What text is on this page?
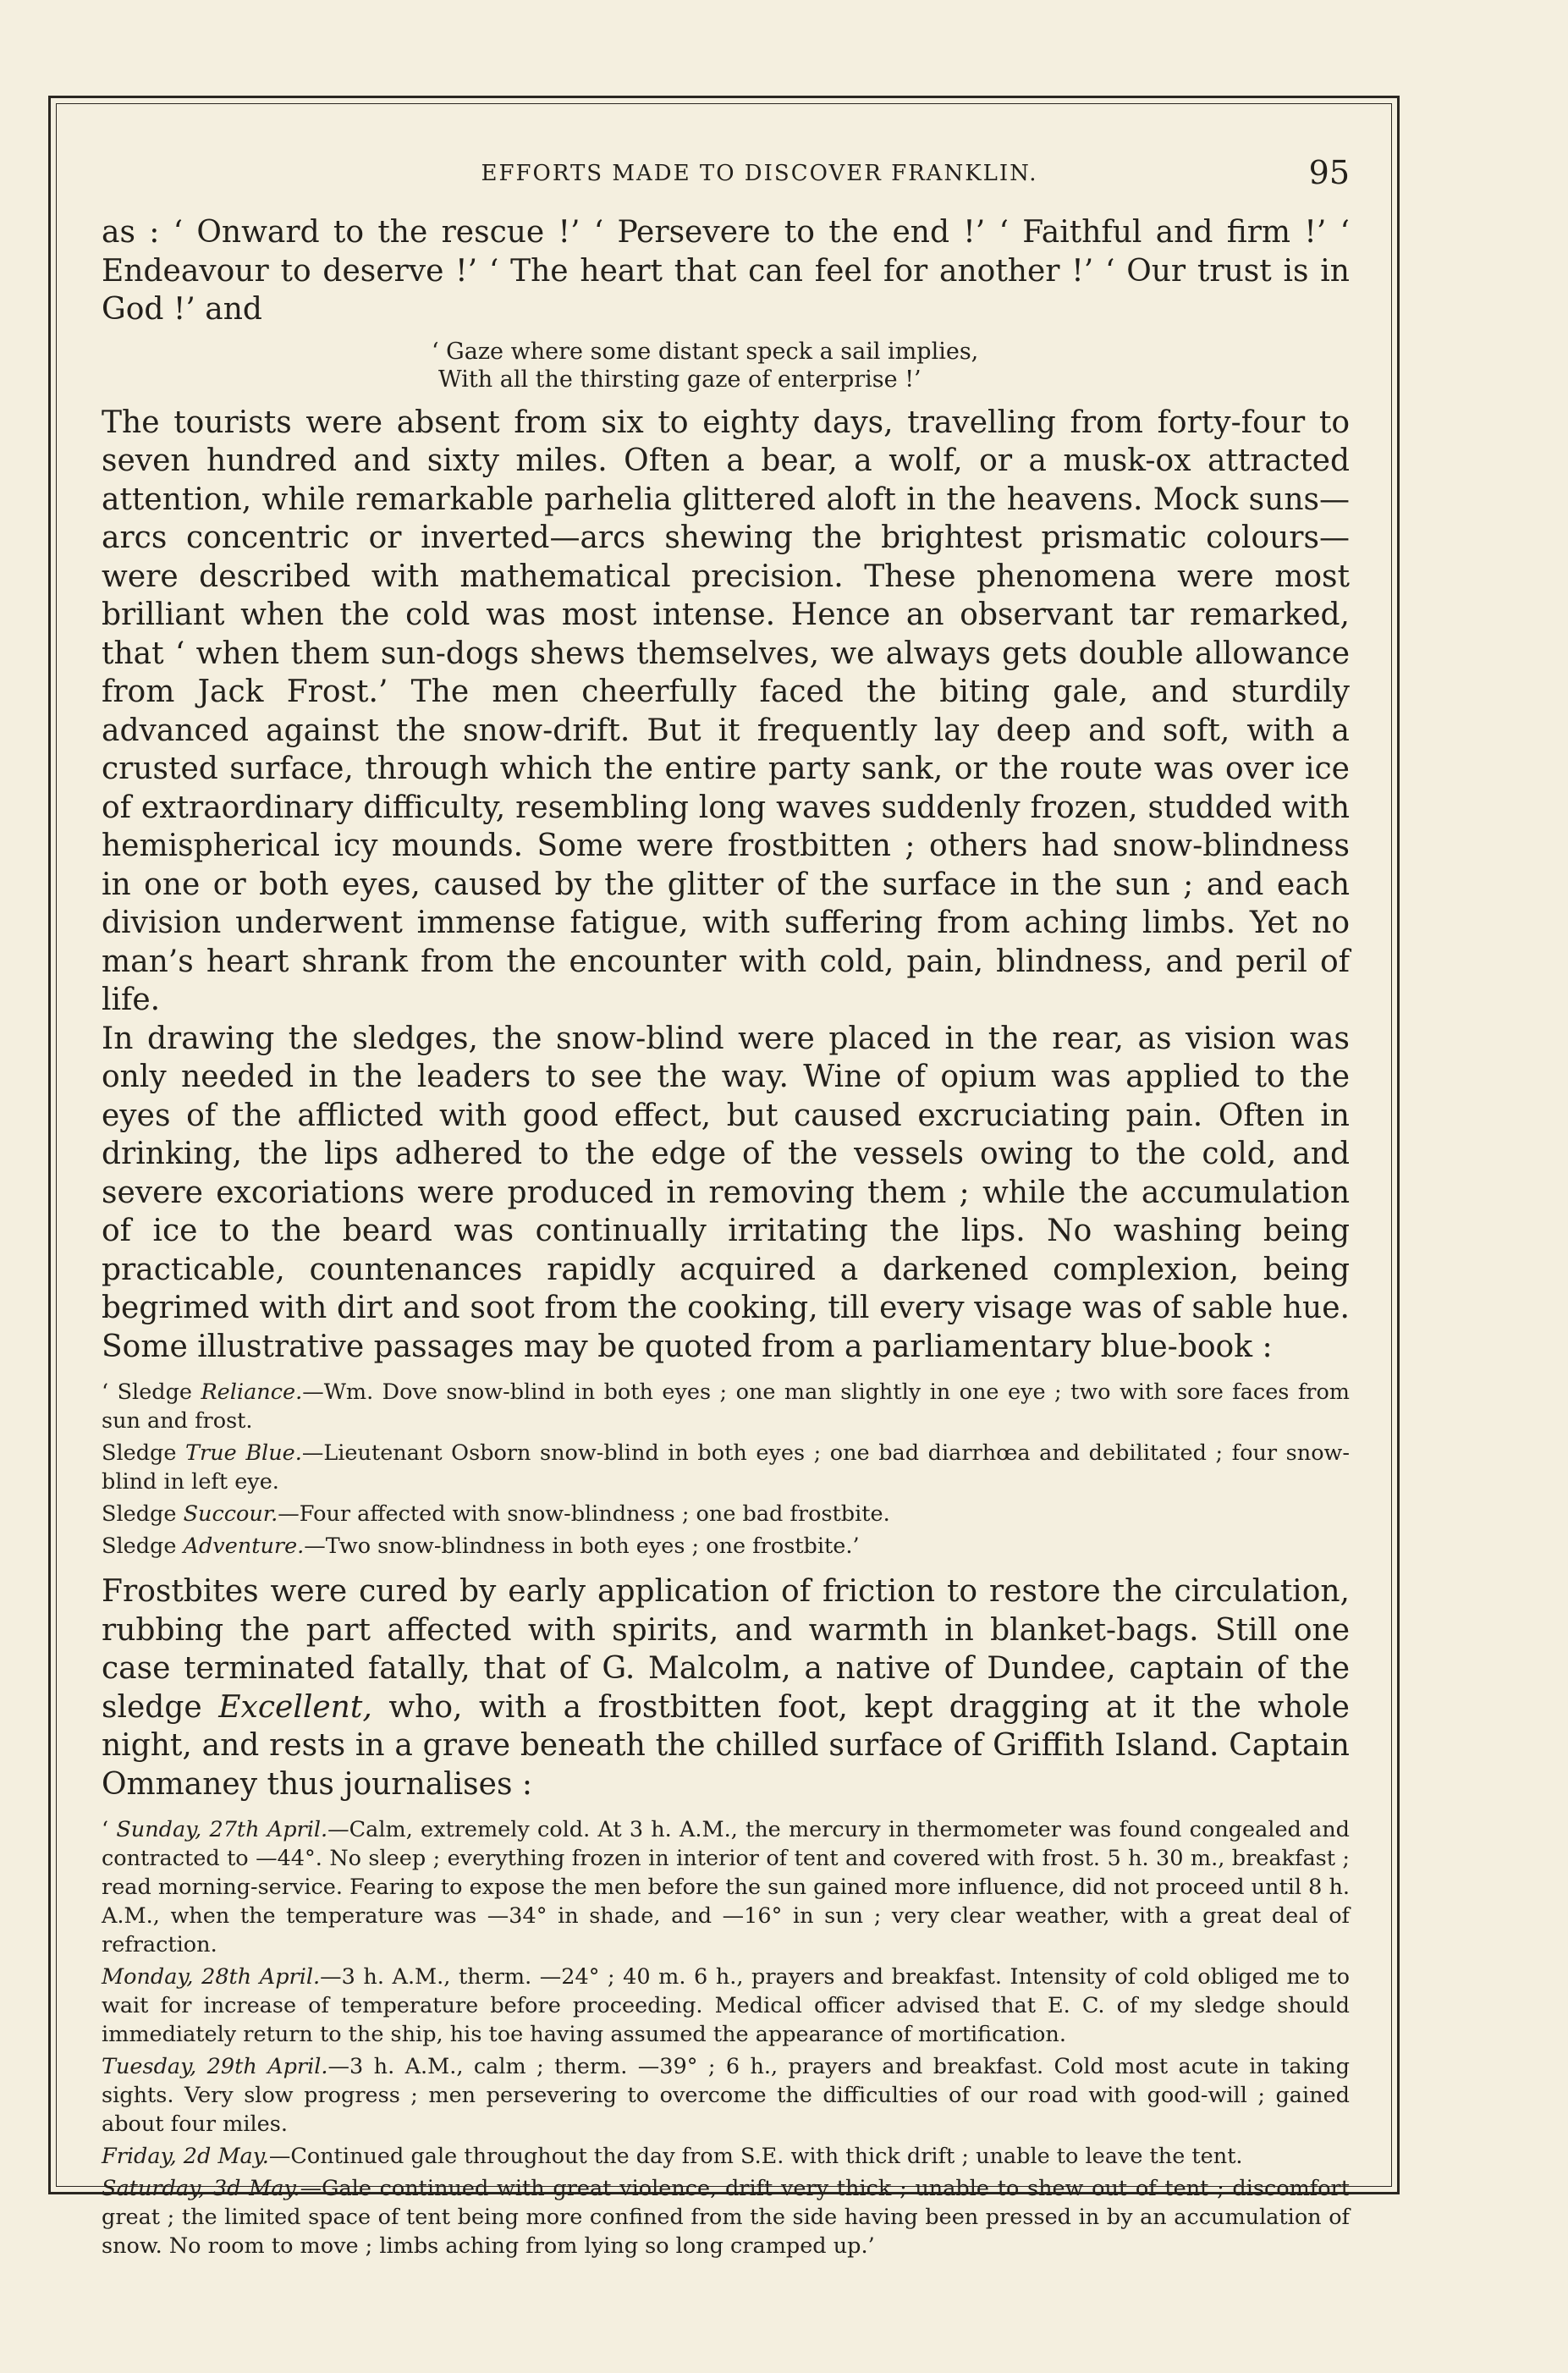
EFFORTS MADE TO DISCOVER FRANKLIN.	95

as : ‘ Onward to the rescue !’ ‘ Persevere to the end !’ ‘ Faithful and firm !’ ‘ Endeavour to deserve !’ ‘ The heart that can feel for another !’ ‘ Our trust is in God !’ and

‘ Gaze where some distant speck a sail implies,
With all the thirsting gaze of enterprise !’

The tourists were absent from six to eighty days, travelling from forty-four to seven hundred and sixty miles. Often a bear, a wolf, or a musk-ox attracted attention, while remarkable parhelia glittered aloft in the heavens. Mock suns—arcs concentric or inverted—arcs shewing the brightest prismatic colours—were described with mathematical precision. These phenomena were most brilliant when the cold was most intense. Hence an observant tar remarked, that ‘ when them sun-dogs shews themselves, we always gets double allowance from Jack Frost.’ The men cheerfully faced the biting gale, and sturdily advanced against the snow-drift. But it frequently lay deep and soft, with a crusted surface, through which the entire party sank, or the route was over ice of extraordinary difficulty, resembling long waves suddenly frozen, studded with hemispherical icy mounds. Some were frostbitten ; others had snow-blindness in one or both eyes, caused by the glitter of the surface in the sun ; and each division underwent immense fatigue, with suffering from aching limbs. Yet no man’s heart shrank from the encounter with cold, pain, blindness, and peril of life.

In drawing the sledges, the snow-blind were placed in the rear, as vision was only needed in the leaders to see the way. Wine of opium was applied to the eyes of the afflicted with good effect, but caused excruciating pain. Often in drinking, the lips adhered to the edge of the vessels owing to the cold, and severe excoriations were produced in removing them ; while the accumulation of ice to the beard was continually irritating the lips. No washing being practicable, countenances rapidly acquired a darkened complexion, being begrimed with dirt and soot from the cooking, till every visage was of sable hue. Some illustrative passages may be quoted from a parliamentary blue-book :

‘ Sledge Reliance.—Wm. Dove snow-blind in both eyes ; one man slightly in one eye ; two with sore faces from sun and frost.

Sledge True Blue.—Lieutenant Osborn snow-blind in both eyes ; one bad diarrhœa and debilitated ; four snow-blind in left eye.

Sledge Succour.—Four affected with snow-blindness ; one bad frostbite.

Sledge Adventure.—Two snow-blindness in both eyes ; one frostbite.’

Frostbites were cured by early application of friction to restore the circulation, rubbing the part affected with spirits, and warmth in blanket-bags. Still one case terminated fatally, that of G. Malcolm, a native of Dundee, captain of the sledge Excellent, who, with a frostbitten foot, kept dragging at it the whole night, and rests in a grave beneath the chilled surface of Griffith Island. Captain Ommaney thus journalises :

‘ Sunday, 27th April.—Calm, extremely cold. At 3 h. A.M., the mercury in thermometer was found congealed and contracted to —44°. No sleep ; everything frozen in interior of tent and covered with frost. 5 h. 30 m., breakfast ; read morning-service. Fearing to expose the men before the sun gained more influence, did not proceed until 8 h. A.M., when the temperature was —34° in shade, and —16° in sun ; very clear weather, with a great deal of refraction.

Monday, 28th April.—3 h. A.M., therm. —24° ; 40 m. 6 h., prayers and breakfast. Intensity of cold obliged me to wait for increase of temperature before proceeding. Medical officer advised that E. C. of my sledge should immediately return to the ship, his toe having assumed the appearance of mortification.

Tuesday, 29th April.—3 h. A.M., calm ; therm. —39° ; 6 h., prayers and breakfast. Cold most acute in taking sights. Very slow progress ; men persevering to overcome the difficulties of our road with good-will ; gained about four miles.

Friday, 2d May.—Continued gale throughout the day from S.E. with thick drift ; unable to leave the tent.

Saturday, 3d May.—Gale continued with great violence, drift very thick ; unable to shew out of tent ; discomfort great ; the limited space of tent being more confined from the side having been pressed in by an accumulation of snow. No room to move ; limbs aching from lying so long cramped up.’
